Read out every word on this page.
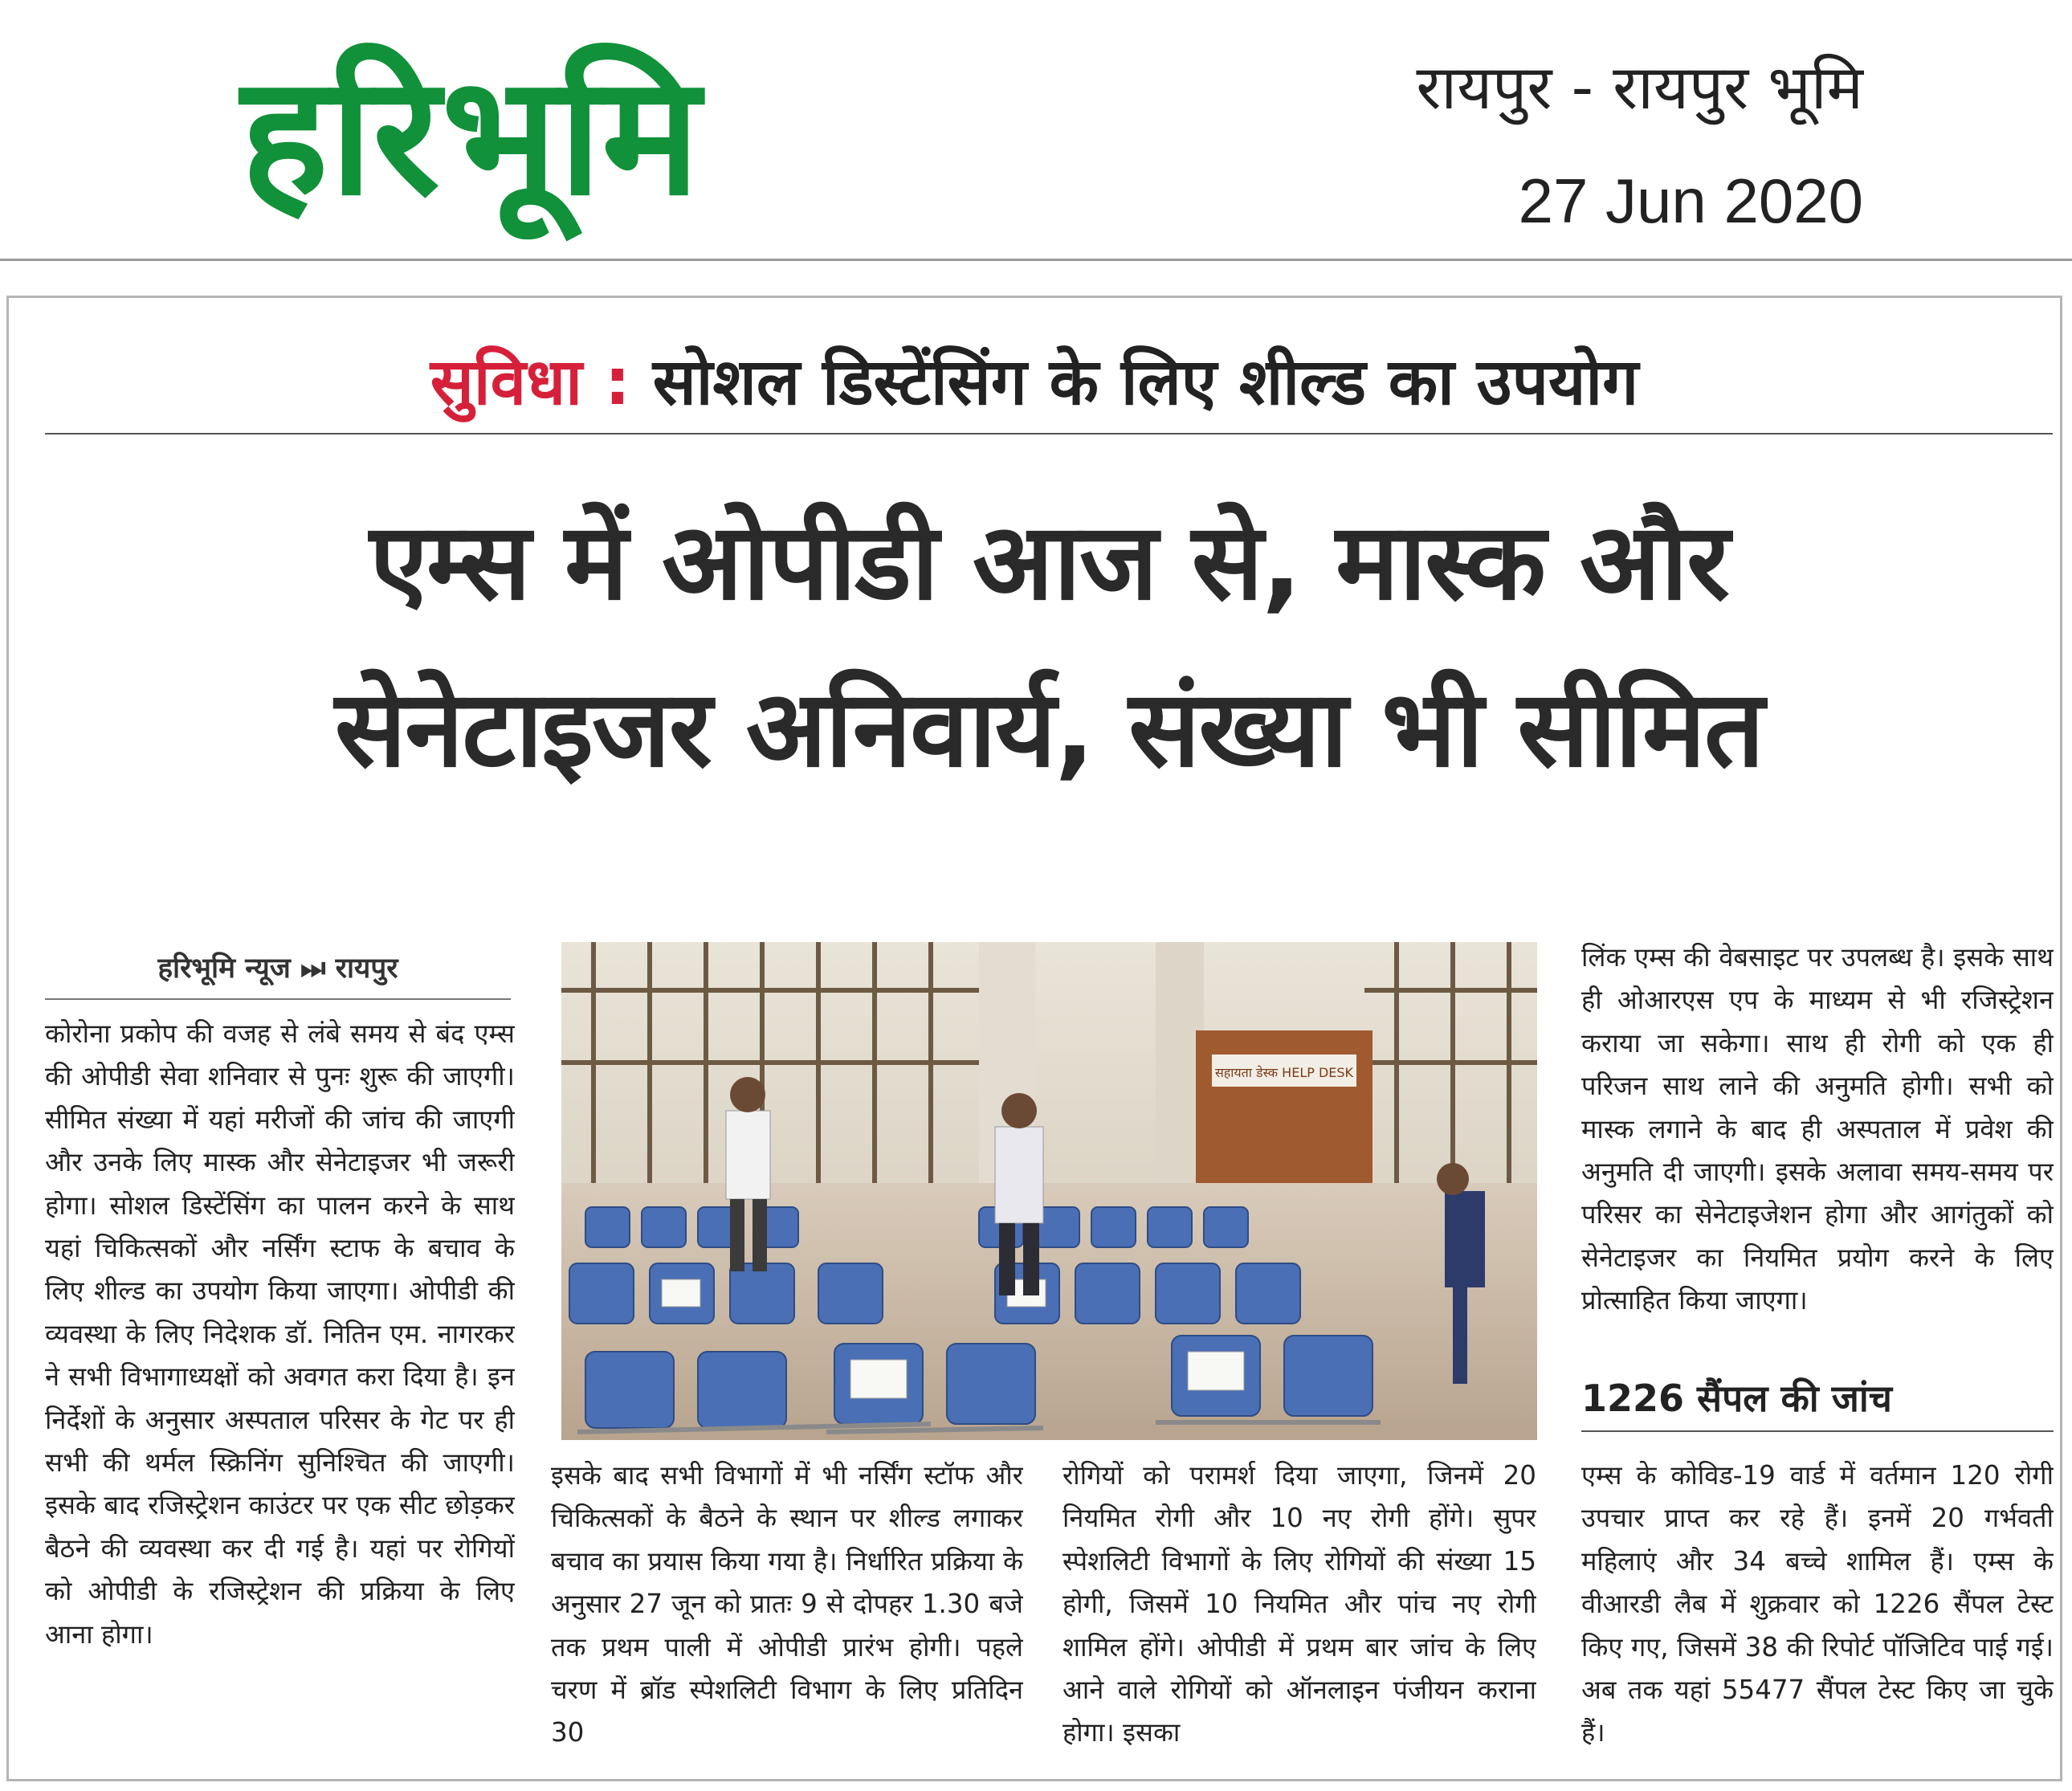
हरिभूमि	रायपुर - रायपुर भूमि
27 Jun 2020
सुविधा : सोशल डिस्टेंसिंग के लिए शील्ड का उपयोग
एम्स में ओपीडी आज से, मास्क और
सेनेटाइजर अनिवार्य, संख्या भी सीमित
हरिभूमि न्यूज ⏭ रायपुर

कोरोना प्रकोप की वजह से लंबे समय से बंद एम्स की ओपीडी सेवा शनिवार से पुनः शुरू की जाएगी। सीमित संख्या में यहां मरीजों की जांच की जाएगी और उनके लिए मास्क और सेनेटाइजर भी जरूरी होगा। सोशल डिस्टेंसिंग का पालन करने के साथ यहां चिकित्सकों और नर्सिंग स्टाफ के बचाव के लिए शील्ड का उपयोग किया जाएगा। ओपीडी की व्यवस्था के लिए निदेशक डॉ. नितिन एम. नागरकर ने सभी विभागाध्यक्षों को अवगत करा दिया है। इन निर्देशों के अनुसार अस्पताल परिसर के गेट पर ही सभी की थर्मल स्क्रिनिंग सुनिश्चित की जाएगी। इसके बाद रजिस्ट्रेशन काउंटर पर एक सीट छोड़कर बैठने की व्यवस्था कर दी गई है। यहां पर रोगियों को ओपीडी के रजिस्ट्रेशन की प्रक्रिया के लिए आना होगा।

सहायता डेस्क HELP DESK

इसके बाद सभी विभागों में भी नर्सिंग स्टॉफ और चिकित्सकों के बैठने के स्थान पर शील्ड लगाकर बचाव का प्रयास किया गया है। निर्धारित प्रक्रिया के अनुसार 27 जून को प्रातः 9 से दोपहर 1.30 बजे तक प्रथम पाली में ओपीडी प्रारंभ होगी। पहले चरण में ब्रॉड स्पेशलिटी विभाग के लिए प्रतिदिन 30

रोगियों को परामर्श दिया जाएगा, जिनमें 20 नियमित रोगी और 10 नए रोगी होंगे। सुपर स्पेशलिटी विभागों के लिए रोगियों की संख्या 15 होगी, जिसमें 10 नियमित और पांच नए रोगी शामिल होंगे। ओपीडी में प्रथम बार जांच के लिए आने वाले रोगियों को ऑनलाइन पंजीयन कराना होगा। इसका

लिंक एम्स की वेबसाइट पर उपलब्ध है। इसके साथ ही ओआरएस एप के माध्यम से भी रजिस्ट्रेशन कराया जा सकेगा। साथ ही रोगी को एक ही परिजन साथ लाने की अनुमति होगी। सभी को मास्क लगाने के बाद ही अस्पताल में प्रवेश की अनुमति दी जाएगी। इसके अलावा समय-समय पर परिसर का सेनेटाइजेशन होगा और आगंतुकों को सेनेटाइजर का नियमित प्रयोग करने के लिए प्रोत्साहित किया जाएगा।

1226 सैंपल की जांच

एम्स के कोविड-19 वार्ड में वर्तमान 120 रोगी उपचार प्राप्त कर रहे हैं। इनमें 20 गर्भवती महिलाएं और 34 बच्चे शामिल हैं। एम्स के वीआरडी लैब में शुक्रवार को 1226 सैंपल टेस्ट किए गए, जिसमें 38 की रिपोर्ट पॉजिटिव पाई गई। अब तक यहां 55477 सैंपल टेस्ट किए जा चुके हैं।
